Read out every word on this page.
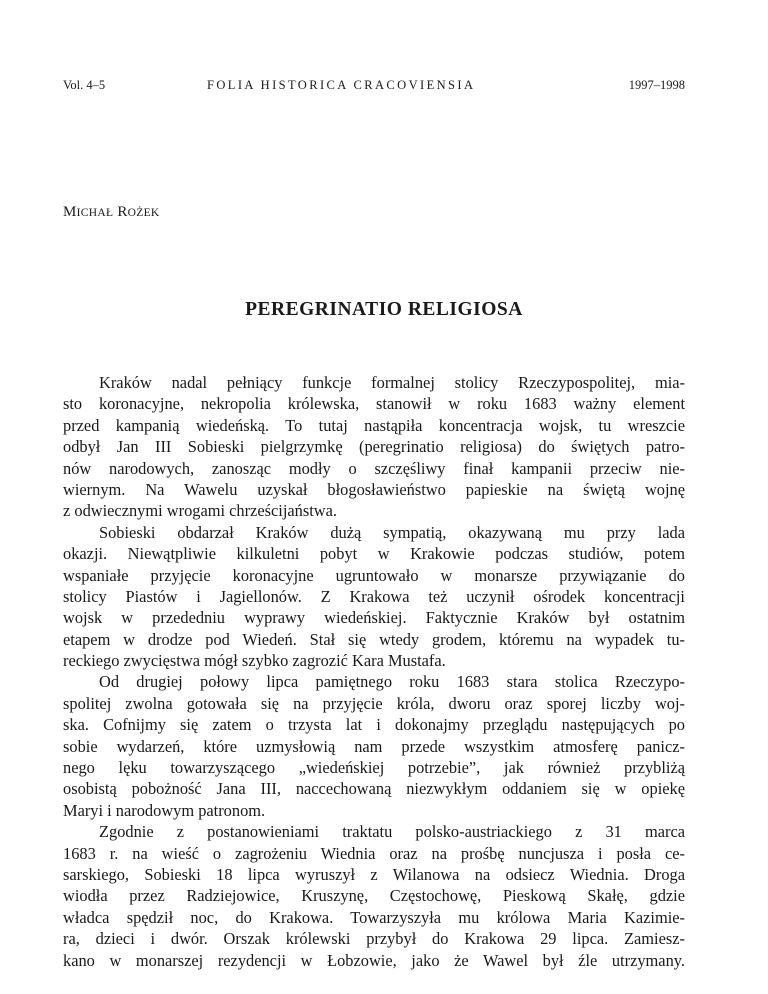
Vol. 4–5	FOLIA HISTORICA CRACOVIENSIA	1997–1998
MICHAŁ ROŻEK
PEREGRINATIO RELIGIOSA
Kraków nadal pełniący funkcje formalnej stolicy Rzeczypospolitej, mia-
sto koronacyjne, nekropolia królewska, stanowił w roku 1683 ważny element
przed kampanią wiedeńską. To tutaj nastąpiła koncentracja wojsk, tu wreszcie
odbył Jan III Sobieski pielgrzymkę (peregrinatio religiosa) do świętych patro-
nów narodowych, zanosząc modły o szczęśliwy finał kampanii przeciw nie-
wiernym. Na Wawelu uzyskał błogosławieństwo papieskie na świętą wojnę
z odwiecznymi wrogami chrześcijaństwa.
Sobieski obdarzał Kraków dużą sympatią, okazywaną mu przy lada
okazji. Niewątpliwie kilkuletni pobyt w Krakowie podczas studiów, potem
wspaniałe przyjęcie koronacyjne ugruntowało w monarsze przywiązanie do
stolicy Piastów i Jagiellonów. Z Krakowa też uczynił ośrodek koncentracji
wojsk w przededniu wyprawy wiedeńskiej. Faktycznie Kraków był ostatnim
etapem w drodze pod Wiedeń. Stał się wtedy grodem, któremu na wypadek tu-
reckiego zwycięstwa mógł szybko zagrozić Kara Mustafa.
Od drugiej połowy lipca pamiętnego roku 1683 stara stolica Rzeczypo-
spolitej zwolna gotowała się na przyjęcie króla, dworu oraz sporej liczby woj-
ska. Cofnijmy się zatem o trzysta lat i dokonajmy przeglądu następujących po
sobie wydarzeń, które uzmysłowią nam przede wszystkim atmosferę panicz-
nego lęku towarzyszącego „wiedeńskiej potrzebie”, jak również przybliżą
osobistą pobożność Jana III, naccechowaną niezwykłym oddaniem się w opiekę
Maryi i narodowym patronom.
Zgodnie z postanowieniami traktatu polsko-austriackiego z 31 marca
1683 r. na wieść o zagrożeniu Wiednia oraz na prośbę nuncjusza i posła ce-
sarskiego, Sobieski 18 lipca wyruszył z Wilanowa na odsiecz Wiednia. Droga
wiodła przez Radziejowice, Kruszynę, Częstochowę, Pieskową Skałę, gdzie
władca spędził noc, do Krakowa. Towarzyszyła mu królowa Maria Kazimie-
ra, dzieci i dwór. Orszak królewski przybył do Krakowa 29 lipca. Zamiesz-
kano w monarszej rezydencji w Łobzowie, jako że Wawel był źle utrzymany.
